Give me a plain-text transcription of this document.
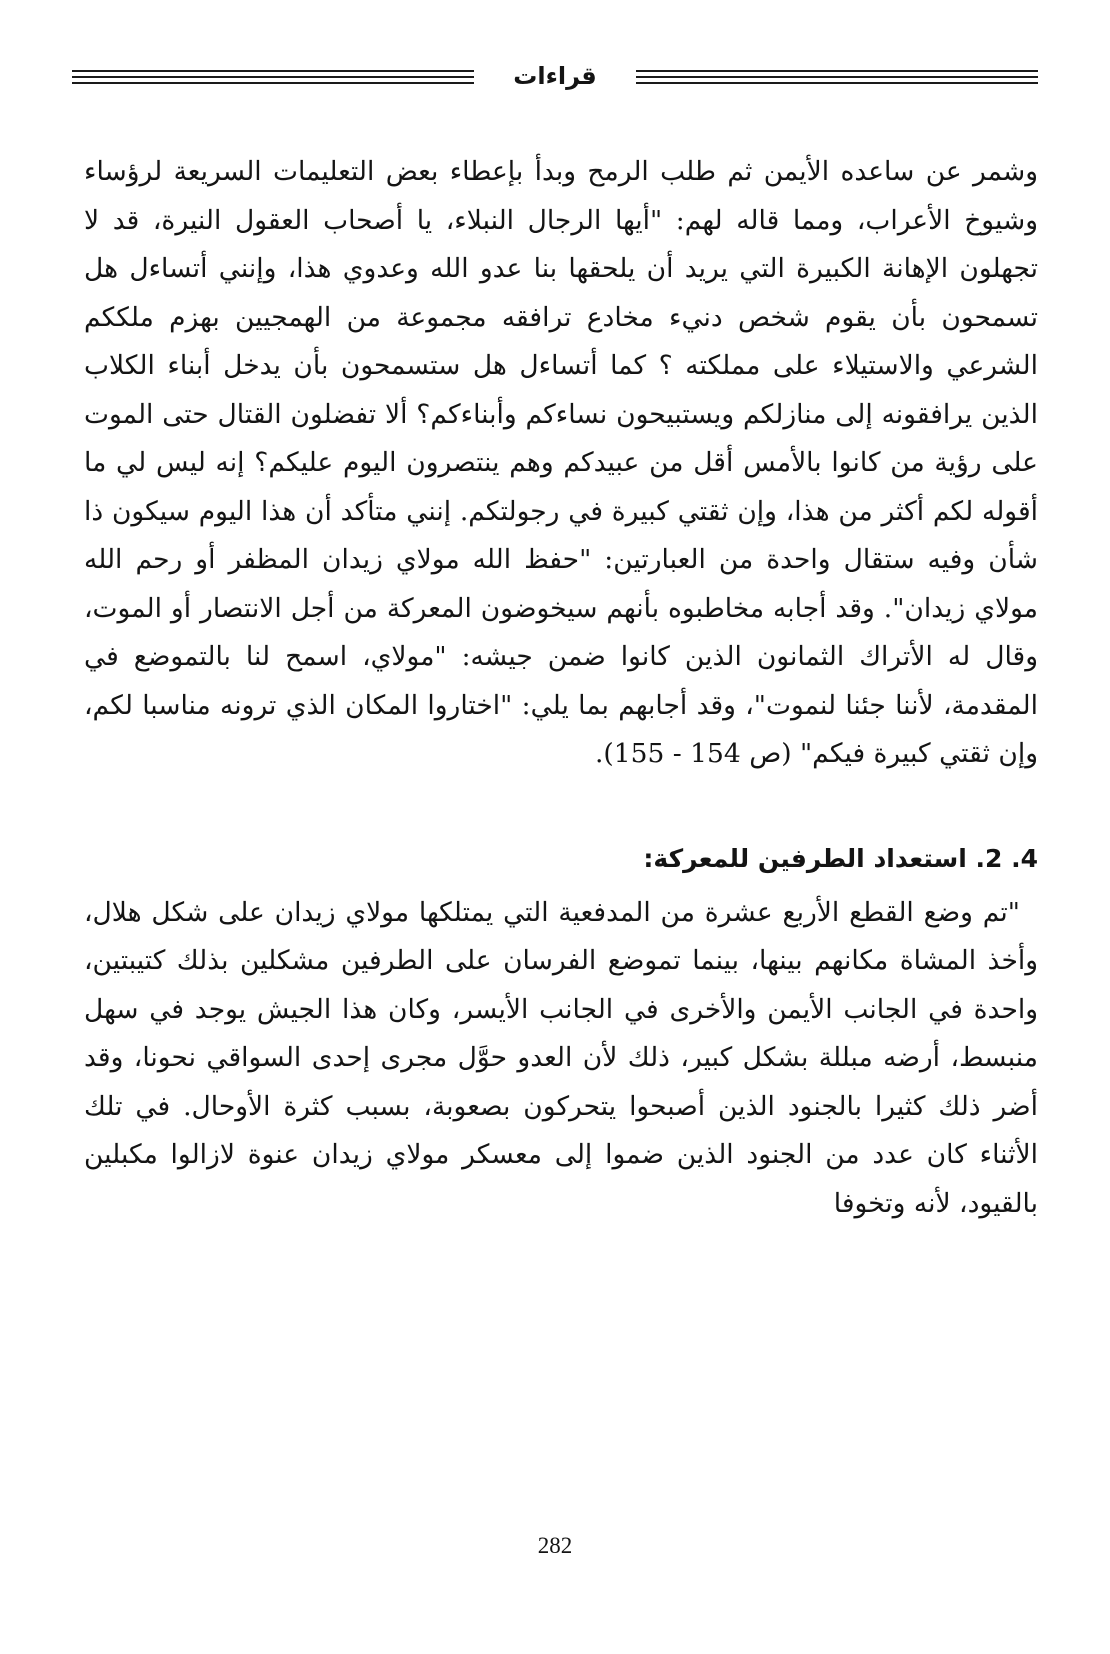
قراءات

وشمر عن ساعده الأيمن ثم طلب الرمح وبدأ بإعطاء بعض التعليمات السريعة لرؤساء وشيوخ الأعراب، ومما قاله لهم: "أيها الرجال النبلاء، يا أصحاب العقول النيرة، قد لا تجهلون الإهانة الكبيرة التي يريد أن يلحقها بنا عدو الله وعدوي هذا، وإنني أتساءل هل تسمحون بأن يقوم شخص دنيء مخادع ترافقه مجموعة من الهمجيين بهزم ملككم الشرعي والاستيلاء على مملكته ؟ كما أتساءل هل ستسمحون بأن يدخل أبناء الكلاب الذين يرافقونه إلى منازلكم ويستبيحون نساءكم وأبناءكم؟ ألا تفضلون القتال حتى الموت على رؤية من كانوا بالأمس أقل من عبيدكم وهم ينتصرون اليوم عليكم؟ إنه ليس لي ما أقوله لكم أكثر من هذا، وإن ثقتي كبيرة في رجولتكم. إنني متأكد أن هذا اليوم سيكون ذا شأن وفيه ستقال واحدة من العبارتين: "حفظ الله مولاي زيدان المظفر أو رحم الله مولاي زيدان". وقد أجابه مخاطبوه بأنهم سيخوضون المعركة من أجل الانتصار أو الموت، وقال له الأتراك الثمانون الذين كانوا ضمن جيشه: "مولاي، اسمح لنا بالتموضع في المقدمة، لأننا جئنا لنموت"، وقد أجابهم بما يلي: "اختاروا المكان الذي ترونه مناسبا لكم، وإن ثقتي كبيرة فيكم" (ص 154 - 155).

4. 2. استعداد الطرفين للمعركة:

"تم وضع القطع الأربع عشرة من المدفعية التي يمتلكها مولاي زيدان على شكل هلال، وأخذ المشاة مكانهم بينها، بينما تموضع الفرسان على الطرفين مشكلين بذلك كتيبتين، واحدة في الجانب الأيمن والأخرى في الجانب الأيسر، وكان هذا الجيش يوجد في سهل منبسط، أرضه مبللة بشكل كبير، ذلك لأن العدو حوَّل مجرى إحدى السواقي نحونا، وقد أضر ذلك كثيرا بالجنود الذين أصبحوا يتحركون بصعوبة، بسبب كثرة الأوحال. في تلك الأثناء كان عدد من الجنود الذين ضموا إلى معسكر مولاي زيدان عنوة لازالوا مكبلين بالقيود، لأنه وتخوفا

282
